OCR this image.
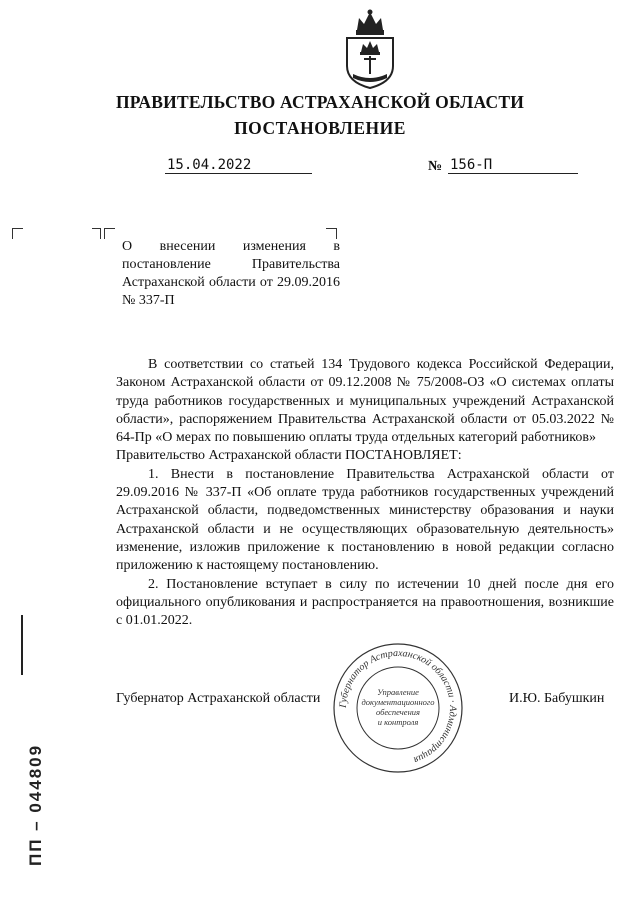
ПРАВИТЕЛЬСТВО АСТРАХАНСКОЙ ОБЛАСТИ
ПОСТАНОВЛЕНИЕ
15.04.2022	№ 156-П
О внесении изменения в постановление Правительства Астраханской области от 29.09.2016 № 337-П

В соответствии со статьей 134 Трудового кодекса Российской Федерации, Законом Астраханской области от 09.12.2008 № 75/2008-ОЗ «О системах оплаты труда работников государственных и муниципальных учреждений Астраханской области», распоряжением Правительства Астраханской области от 05.03.2022 № 64-Пр «О мерах по повышению оплаты труда отдельных категорий работников»

Правительство Астраханской области ПОСТАНОВЛЯЕТ:

1. Внести в постановление Правительства Астраханской области от 29.09.2016 № 337-П «Об оплате труда работников государственных учреждений Астраханской области, подведомственных министерству образования и науки Астраханской области и не осуществляющих образовательную деятельность» изменение, изложив приложение к постановлению в новой редакции согласно приложению к настоящему постановлению.

2. Постановление вступает в силу по истечении 10 дней после дня его официального опубликования и распространяется на правоотношения, возникшие с 01.01.2022.

Губернатор Астраханской области	И.Ю. Бабушкин
Губернатор Астраханской области · Администрация
Управление
документационного
обеспечения
и контроля
ПП – 044809
